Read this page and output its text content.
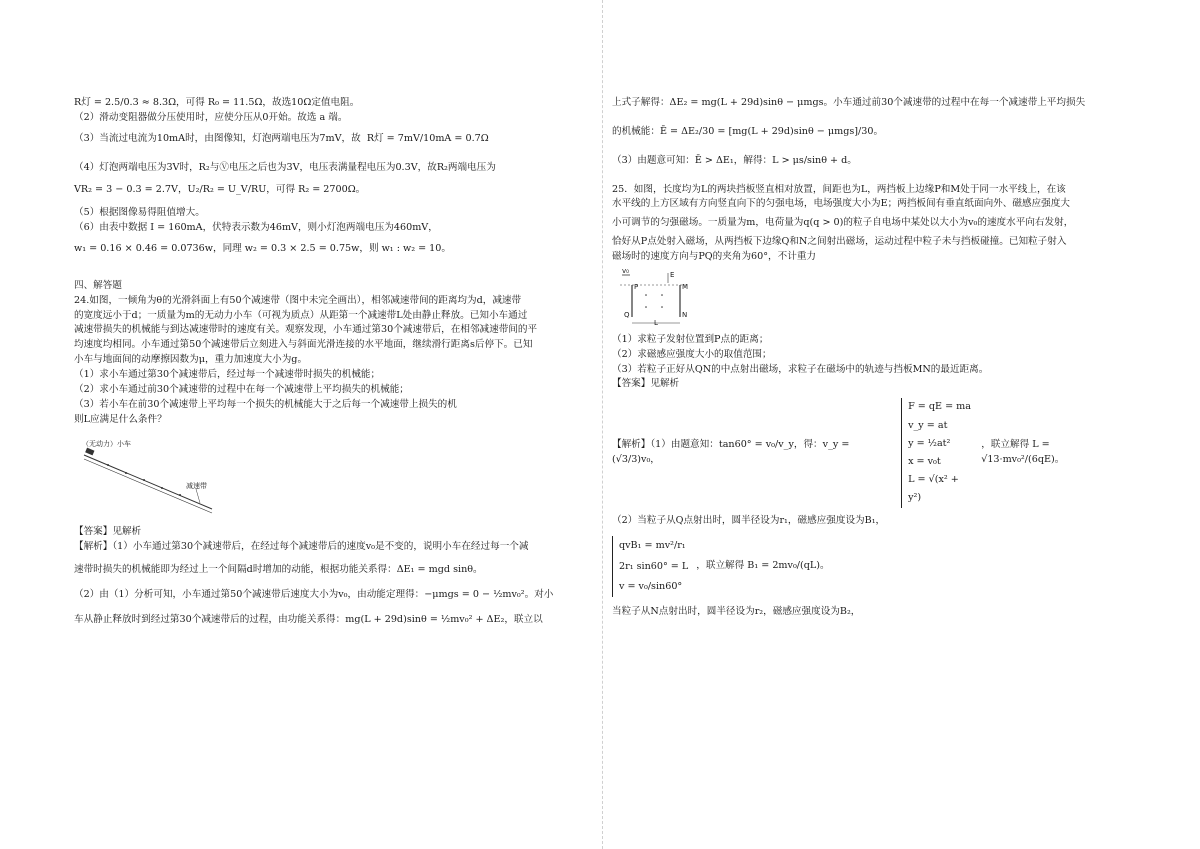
R灯 = 2.5/0.3 ≈ 8.3Ω，可得 R₀ = 11.5Ω，故选10Ω定值电阻。

（2）滑动变阻器做分压使用时，应使分压从0开始。故选 a 端。

（3）当流过电流为10mA时，由图像知，灯泡两端电压为7mV，故  R灯 = 7mV/10mA = 0.7Ω

（4）灯泡两端电压为3V时，R₂与Ⓥ电压之后也为3V，电压表满量程电压为0.3V，故R₂两端电压为

VR₂ = 3 − 0.3 = 2.7V，U₂/R₂ = U_V/RU，可得 R₂ = 2700Ω。

（5）根据图像易得阻值增大。

（6）由表中数据 I = 160mA，伏特表示数为46mV，则小灯泡两端电压为460mV，

w₁ = 0.16 × 0.46 = 0.0736w，同理 w₂ = 0.3 × 2.5 = 0.75w，则 w₁ : w₂ = 10。

四、解答题

24.如图，一倾角为θ的光滑斜面上有50个减速带（图中未完全画出），相邻减速带间的距离均为d，减速带

的宽度远小于d；一质量为m的无动力小车（可视为质点）从距第一个减速带L处由静止释放。已知小车通过

减速带损失的机械能与到达减速带时的速度有关。观察发现，小车通过第30个减速带后，在相邻减速带间的平

均速度均相同。小车通过第50个减速带后立刻进入与斜面光滑连接的水平地面，继续滑行距离s后停下。已知

小车与地面间的动摩擦因数为μ，重力加速度大小为g。

（1）求小车通过第30个减速带后，经过每一个减速带时损失的机械能；

（2）求小车通过前30个减速带的过程中在每一个减速带上平均损失的机械能；

（3）若小车在前30个减速带上平均每一个损失的机械能大于之后每一个减速带上损失的机

则L应满足什么条件？

（无动力）小车
减速带

【答案】见解析

【解析】（1）小车通过第30个减速带后，在经过每个减速带后的速度v₀是不变的，说明小车在经过每一个减

速带时损失的机械能即为经过上一个间隔d时增加的动能，根据功能关系得：ΔE₁ = mgd sinθ。

（2）由（1）分析可知，小车通过第50个减速带后速度大小为v₀，由动能定理得：−μmgs = 0 − ½mv₀²。对小

车从静止释放时到经过第30个减速带后的过程，由功能关系得：mg(L + 29d)sinθ = ½mv₀² + ΔE₂，联立以

上式子解得：ΔE₂ = mg(L + 29d)sinθ − μmgs。小车通过前30个减速带的过程中在每一个减速带上平均损失

的机械能：Ē = ΔE₂/30 = [mg(L + 29d)sinθ − μmgs]/30。

（3）由题意可知：Ē > ΔE₁，解得：L > μs/sinθ + d。

25．如图，长度均为L的两块挡板竖直相对放置，间距也为L，两挡板上边缘P和M处于同一水平线上，在该

水平线的上方区域有方向竖直向下的匀强电场，电场强度大小为E；两挡板间有垂直纸面向外、磁感应强度大

小可调节的匀强磁场。一质量为m，电荷量为q(q > 0)的粒子自电场中某处以大小为v₀的速度水平向右发射，

恰好从P点处射入磁场，从两挡板下边缘Q和N之间射出磁场，运动过程中粒子未与挡板碰撞。已知粒子射入

磁场时的速度方向与PQ的夹角为60°，不计重力

v₀	E
P	M
Q	N
L

（1）求粒子发射位置到P点的距离；

（2）求磁感应强度大小的取值范围；

（3）若粒子正好从QN的中点射出磁场，求粒子在磁场中的轨迹与挡板MN的最近距离。

【答案】见解析

【解析】（1）由题意知：tan60° = v₀/v_y，得：v_y = (√3/3)v₀，

F = qE = ma

v_y = at

y = ½at²

x = v₀t

L = √(x² + y²)

，联立解得 L = √13·mv₀²/(6qE)。

（2）当粒子从Q点射出时，圆半径设为r₁，磁感应强度设为B₁，

qvB₁ = mv²/r₁

2r₁ sin60° = L

v = v₀/sin60°

，联立解得 B₁ = 2mv₀/(qL)。

当粒子从N点射出时，圆半径设为r₂，磁感应强度设为B₂，
